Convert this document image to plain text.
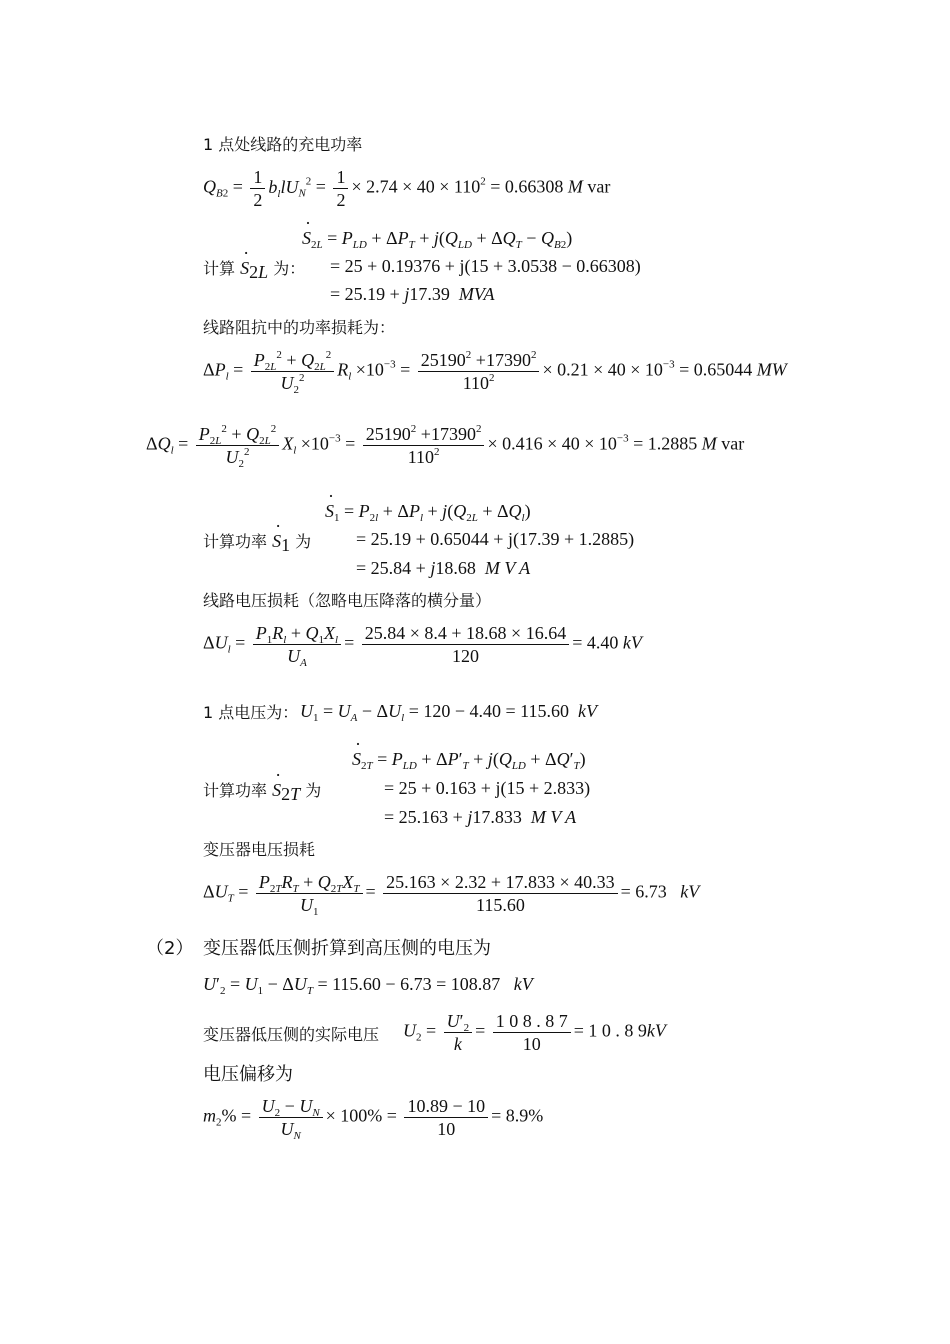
1 点处线路的充电功率
$Q_{B2} = \frac{1}{2} b_llU_N^2 = \frac{1}{2} \times 2.74 \times 40 \times 110^2 = 0.66308$ M var
· $S_{2L} = P_{LD} + \Delta P_T + j(Q_{LD} + \Delta Q_T - Q_{B2})$
计算 · $S_{2L}$ 为： = 25 + 0.19376 + j(15 + 3.0538 − 0.66308)
= 25.19 + j17.39  MVA
线路阻抗中的功率损耗为：
$\Delta P_l = \frac{P_{2L}^2 + Q_{2L}^2}{U_2^2} R_l \times 10^{-3} = \frac{25190^2 +17390^2}{110^2} \times 0.21 \times 40 \times 10^{-3} = 0.65044$ MW
$\Delta Q_l = \frac{P_{2L}^2 + Q_{2L}^2}{U_2^2} X_l \times 10^{-3} = \frac{25190^2 +17390^2}{110^2} \times 0.416 \times 40 \times 10^{-3} = 1.2885$ M var
· $S_1 = P_{2l} + \Delta P_l + j(Q_{2L} + \Delta Q_l)$
计算功率 · $S_1$ 为 = 25.19 + 0.65044 + j(17.39 + 1.2885)
= 25.84 + j18.68  M V A
线路电压损耗（忽略电压降落的横分量）
$\Delta U_l = \frac{P_1R_l + Q_1X_l}{U_A} = \frac{25.84 \times 8.4 + 18.68 \times 16.64}{120} = 4.40$ kV
1 点电压为： $U_1 = U_A - \Delta U_l = 120 - 4.40 = 115.60$  kV
· $S_{2T} = P_{LD} + \Delta P'_T + j(Q_{LD} + \Delta Q'_T)$
计算功率 · $S_{2T}$ 为	= 25 + 0.163 + j(15 + 2.833)
= 25.163 + j17.833  M V A
变压器电压损耗
$\Delta U_T = \frac{P_{2T}R_T + Q_{2T}X_T}{U_1} = \frac{25.163 \times 2.32 + 17.833 \times 40.33}{115.60} = 6.73$   kV
（2） 变压器低压侧折算到高压侧的电压为
$U'_2 = U_1 - \Delta U_T = 115.60 - 6.73 = 108.87$   kV
变压器低压侧的实际电压 $U_2 = \frac{U'_2}{k} = \frac{1 0 8 . 8 7}{10} = 1$ 0 . 8 9kV
电压偏移为
$m_2\% = \frac{U_2 - U_N}{U_N} \times 100\% = \frac{10.89 - 10}{10} = 8.9\%$
